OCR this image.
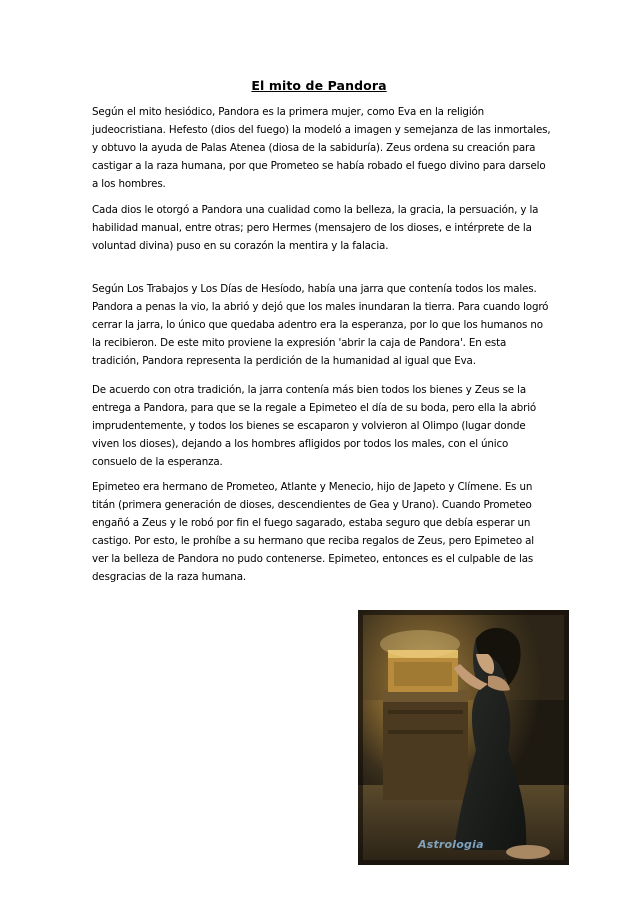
El mito de Pandora

Según el mito hesiódico, Pandora es la primera mujer, como Eva en la religión judeocristiana. Hefesto (dios del fuego) la modeló a imagen y semejanza de las inmortales, y obtuvo la ayuda de Palas Atenea (diosa de la sabiduría). Zeus ordena su creación para castigar a la raza humana, por que Prometeo se había robado el fuego divino para darselo a los hombres.

Cada dios le otorgó a Pandora una cualidad como la belleza, la gracia, la persuación, y la habilidad manual, entre otras; pero Hermes (mensajero de los dioses, e intérprete de la voluntad divina) puso en su corazón la mentira y la falacia.

Según Los Trabajos y Los Días de Hesíodo, había una jarra que contenía todos los males. Pandora a penas la vio, la abrió y dejó que los males inundaran la tierra. Para cuando logró cerrar la jarra, lo único que quedaba adentro era la esperanza, por lo que los humanos no la recibieron. De este mito proviene la expresión 'abrir la caja de Pandora'. En esta tradición, Pandora representa la perdición de la humanidad al igual que Eva.

De acuerdo con otra tradición, la jarra contenía más bien todos los bienes y Zeus se la entrega a Pandora, para que se la regale a Epimeteo el día de su boda, pero ella la abrió imprudentemente, y todos los bienes se escaparon y volvieron al Olimpo (lugar donde viven los dioses), dejando a los hombres afligidos por todos los males, con el único consuelo de la esperanza.

Epimeteo era hermano de Prometeo, Atlante y Menecio, hijo de Japeto y Clímene. Es un titán (primera generación de dioses, descendientes de Gea y Urano). Cuando Prometeo engañó a Zeus y le robó por fin el fuego sagarado, estaba seguro que debía esperar un castigo. Por esto, le prohíbe a su hermano que reciba regalos de Zeus, pero Epimeteo al ver la belleza de Pandora no pudo contenerse. Epimeteo, entonces es el culpable de las desgracias de la raza humana.

Astrologia
